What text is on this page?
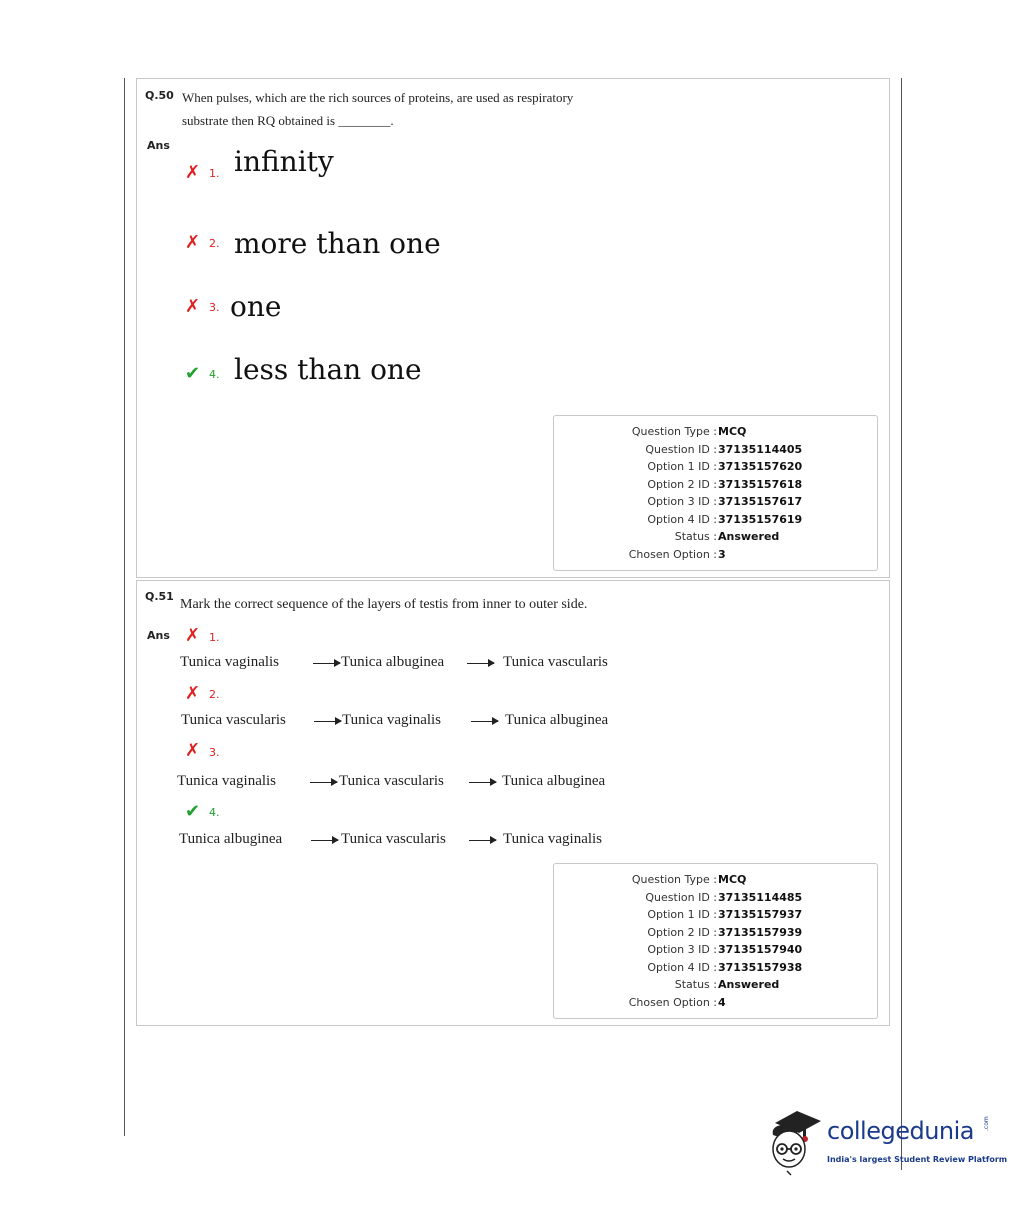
Q.50 When pulses, which are the rich sources of proteins, are used as respiratory
substrate then RQ obtained is ________.
Ans
✗ 1. infinity
✗ 2. more than one
✗ 3. one
✔ 4. less than one
Question Type : MCQ
Question ID : 37135114405
Option 1 ID : 37135157620
Option 2 ID : 37135157618
Option 3 ID : 37135157617
Option 4 ID : 37135157619
Status : Answered
Chosen Option : 3
Q.51
Mark the correct sequence of the layers of testis from inner to outer side.
Ans ✗ 1.
Tunica vaginalis	Tunica albuginea	Tunica vascularis
✗ 2.
Tunica vascularis	Tunica vaginalis	Tunica albuginea
✗ 3.
Tunica vaginalis	Tunica vascularis	Tunica albuginea
✔ 4.
Tunica albuginea	Tunica vascularis	Tunica vaginalis
Question Type : MCQ
Question ID : 37135114485
Option 1 ID : 37135157937
Option 2 ID : 37135157939
Option 3 ID : 37135157940
Option 4 ID : 37135157938
Status : Answered
Chosen Option : 4
collegedunia .com
India's largest Student Review Platform
